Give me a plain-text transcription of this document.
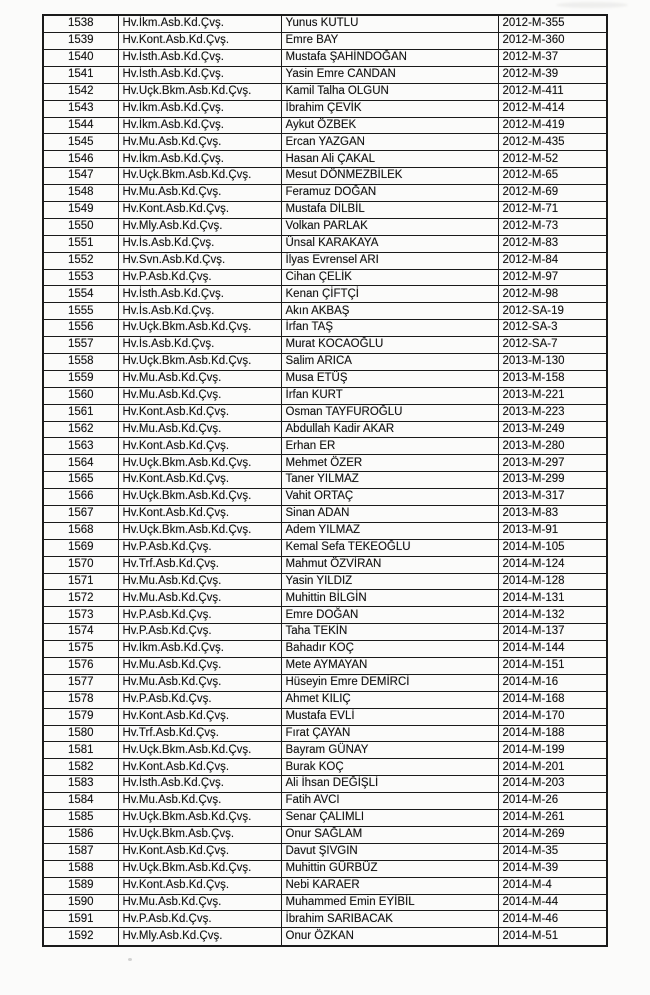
1538	Hv.İkm.Asb.Kd.Çvş.	Yunus KUTLU	2012-M-355
1539	Hv.Kont.Asb.Kd.Çvş.	Emre BAY	2012-M-360
1540	Hv.İsth.Asb.Kd.Çvş.	Mustafa ŞAHİNDOĞAN	2012-M-37
1541	Hv.İsth.Asb.Kd.Çvş.	Yasin Emre CANDAN	2012-M-39
1542	Hv.Uçk.Bkm.Asb.Kd.Çvş.	Kamil Talha OLGUN	2012-M-411
1543	Hv.İkm.Asb.Kd.Çvş.	İbrahim ÇEVİK	2012-M-414
1544	Hv.İkm.Asb.Kd.Çvş.	Aykut ÖZBEK	2012-M-419
1545	Hv.Mu.Asb.Kd.Çvş.	Ercan YAZGAN	2012-M-435
1546	Hv.İkm.Asb.Kd.Çvş.	Hasan Ali ÇAKAL	2012-M-52
1547	Hv.Uçk.Bkm.Asb.Kd.Çvş.	Mesut DÖNMEZBİLEK	2012-M-65
1548	Hv.Mu.Asb.Kd.Çvş.	Feramuz DOĞAN	2012-M-69
1549	Hv.Kont.Asb.Kd.Çvş.	Mustafa DİLBİL	2012-M-71
1550	Hv.Mly.Asb.Kd.Çvş.	Volkan PARLAK	2012-M-73
1551	Hv.İs.Asb.Kd.Çvş.	Ünsal KARAKAYA	2012-M-83
1552	Hv.Svn.Asb.Kd.Çvş.	İlyas Evrensel ARI	2012-M-84
1553	Hv.P.Asb.Kd.Çvş.	Cihan ÇELİK	2012-M-97
1554	Hv.İsth.Asb.Kd.Çvş.	Kenan ÇİFTÇİ	2012-M-98
1555	Hv.İs.Asb.Kd.Çvş.	Akın AKBAŞ	2012-SA-19
1556	Hv.Uçk.Bkm.Asb.Kd.Çvş.	İrfan TAŞ	2012-SA-3
1557	Hv.İs.Asb.Kd.Çvş.	Murat KOCAOĞLU	2012-SA-7
1558	Hv.Uçk.Bkm.Asb.Kd.Çvş.	Salim ARICA	2013-M-130
1559	Hv.Mu.Asb.Kd.Çvş.	Musa ETÜŞ	2013-M-158
1560	Hv.Mu.Asb.Kd.Çvş.	İrfan KURT	2013-M-221
1561	Hv.Kont.Asb.Kd.Çvş.	Osman TAYFUROĞLU	2013-M-223
1562	Hv.Mu.Asb.Kd.Çvş.	Abdullah Kadir AKAR	2013-M-249
1563	Hv.Kont.Asb.Kd.Çvş.	Erhan ER	2013-M-280
1564	Hv.Uçk.Bkm.Asb.Kd.Çvş.	Mehmet ÖZER	2013-M-297
1565	Hv.Kont.Asb.Kd.Çvş.	Taner YILMAZ	2013-M-299
1566	Hv.Uçk.Bkm.Asb.Kd.Çvş.	Vahit ORTAÇ	2013-M-317
1567	Hv.Kont.Asb.Kd.Çvş.	Sinan ADAN	2013-M-83
1568	Hv.Uçk.Bkm.Asb.Kd.Çvş.	Adem YILMAZ	2013-M-91
1569	Hv.P.Asb.Kd.Çvş.	Kemal Sefa TEKEOĞLU	2014-M-105
1570	Hv.Trf.Asb.Kd.Çvş.	Mahmut ÖZVİRAN	2014-M-124
1571	Hv.Mu.Asb.Kd.Çvş.	Yasin YILDIZ	2014-M-128
1572	Hv.Mu.Asb.Kd.Çvş.	Muhittin BİLGİN	2014-M-131
1573	Hv.P.Asb.Kd.Çvş.	Emre DOĞAN	2014-M-132
1574	Hv.P.Asb.Kd.Çvş.	Taha TEKİN	2014-M-137
1575	Hv.İkm.Asb.Kd.Çvş.	Bahadır KOÇ	2014-M-144
1576	Hv.Mu.Asb.Kd.Çvş.	Mete AYMAYAN	2014-M-151
1577	Hv.Mu.Asb.Kd.Çvş.	Hüseyin Emre DEMİRCİ	2014-M-16
1578	Hv.P.Asb.Kd.Çvş.	Ahmet KILIÇ	2014-M-168
1579	Hv.Kont.Asb.Kd.Çvş.	Mustafa EVLİ	2014-M-170
1580	Hv.Trf.Asb.Kd.Çvş.	Fırat ÇAYAN	2014-M-188
1581	Hv.Uçk.Bkm.Asb.Kd.Çvş.	Bayram GÜNAY	2014-M-199
1582	Hv.Kont.Asb.Kd.Çvş.	Burak KOÇ	2014-M-201
1583	Hv.İsth.Asb.Kd.Çvş.	Ali İhsan DEĞİŞLİ	2014-M-203
1584	Hv.Mu.Asb.Kd.Çvş.	Fatih AVCI	2014-M-26
1585	Hv.Uçk.Bkm.Asb.Kd.Çvş.	Senar ÇALIMLI	2014-M-261
1586	Hv.Uçk.Bkm.Asb.Çvş.	Onur SAĞLAM	2014-M-269
1587	Hv.Kont.Asb.Kd.Çvş.	Davut ŞIVGIN	2014-M-35
1588	Hv.Uçk.Bkm.Asb.Kd.Çvş.	Muhittin GÜRBÜZ	2014-M-39
1589	Hv.Kont.Asb.Kd.Çvş.	Nebi KARAER	2014-M-4
1590	Hv.Mu.Asb.Kd.Çvş.	Muhammed Emin EYİBİL	2014-M-44
1591	Hv.P.Asb.Kd.Çvş.	İbrahim SARIBACAK	2014-M-46
1592	Hv.Mly.Asb.Kd.Çvş.	Onur ÖZKAN	2014-M-51
